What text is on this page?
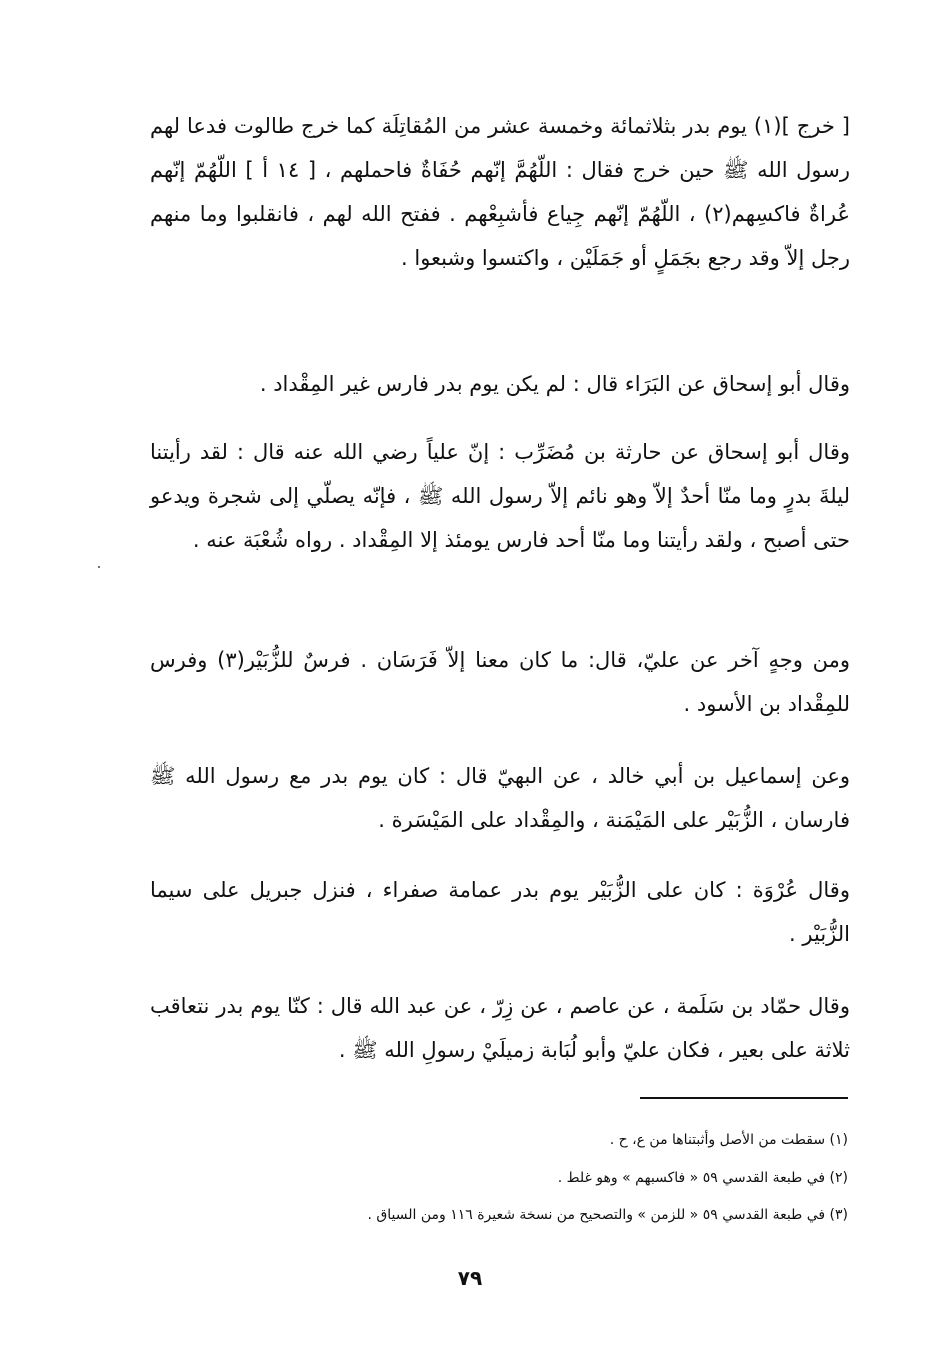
[ خرج ](١) يوم بدر بثلاثمائة وخمسة عشر من المُقاتِلَة كما خرج طالوت فدعا لهم رسول الله ﷺ حين خرج فقال : اللّهُمَّ إنّهم حُفَاةٌ فاحملهم ، [ ١٤ أ ] اللّهُمّ إنّهم عُراةٌ فاكسِهم(٢) ، اللّهُمّ إنّهم جِياع فأشبِعْهم . ففتح الله لهم ، فانقلبوا وما منهم رجل إلاّ وقد رجع بجَمَلٍ أو جَمَلَيْن ، واكتسوا وشبعوا .

وقال أبو إسحاق عن البَرَاء قال : لم يكن يوم بدر فارس غير المِقْداد .

وقال أبو إسحاق عن حارثة بن مُضَرِّب : إنّ علياً رضي الله عنه قال : لقد رأيتنا ليلةَ بدرٍ وما منّا أحدٌ إلاّ وهو نائم إلاّ رسول الله ﷺ ، فإنّه يصلّي إلى شجرة ويدعو حتى أصبح ، ولقد رأيتنا وما منّا أحد فارس يومئذ إلا المِقْداد . رواه شُعْبَة عنه .

ومن وجهٍ آخر عن عليّ، قال: ما كان معنا إلاّ فَرَسَان . فرسٌ للزُّبَيْر(٣) وفرس للمِقْداد بن الأسود .

وعن إسماعيل بن أبي خالد ، عن البهيّ قال : كان يوم بدر مع رسول الله ﷺ فارسان ، الزُّبَيْر على المَيْمَنة ، والمِقْداد على المَيْسَرة .

وقال عُرْوَة : كان على الزُّبَيْر يوم بدر عمامة صفراء ، فنزل جبريل على سيما الزُّبَيْر .

وقال حمّاد بن سَلَمة ، عن عاصم ، عن زِرّ ، عن عبد الله قال : كنّا يوم بدر نتعاقب ثلاثة على بعير ، فكان عليّ وأبو لُبَابة زميلَيْ رسولِ الله ﷺ .

(١) سقطت من الأصل وأثبتناها من ع، ح .

(٢) في طبعة القدسي ٥٩ « فاكسبهم » وهو غلط .

(٣) في طبعة القدسي ٥٩ « للزمن » والتصحيح من نسخة شعيرة ١١٦ ومن السياق .

٧٩
